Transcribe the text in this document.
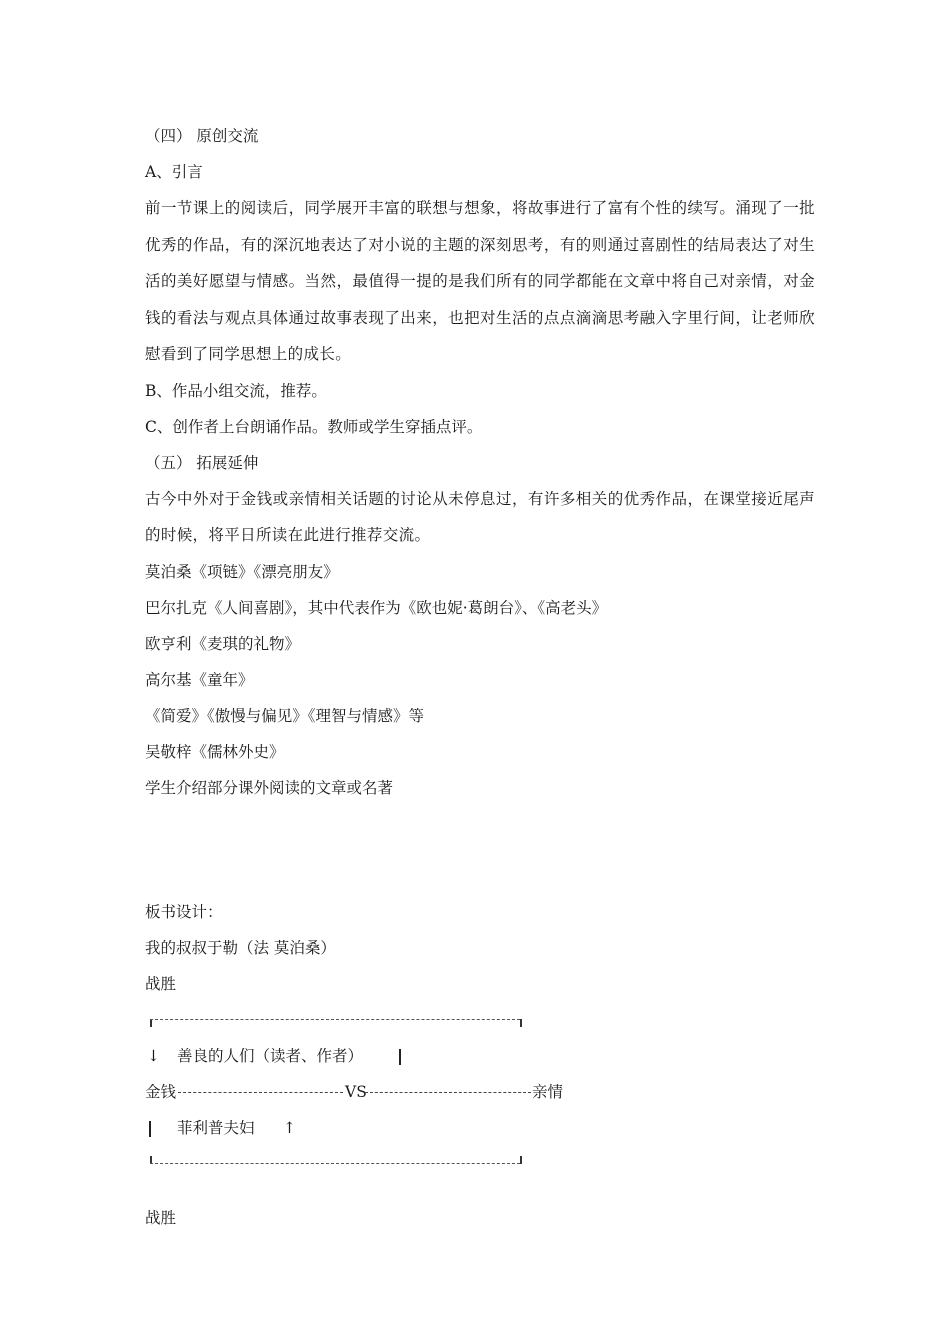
（四） 原创交流

A、引言

前一节课上的阅读后，同学展开丰富的联想与想象，将故事进行了富有个性的续写。涌现了一批优秀的作品，有的深沉地表达了对小说的主题的深刻思考，有的则通过喜剧性的结局表达了对生活的美好愿望与情感。当然，最值得一提的是我们所有的同学都能在文章中将自己对亲情，对金钱的看法与观点具体通过故事表现了出来，也把对生活的点点滴滴思考融入字里行间，让老师欣慰看到了同学思想上的成长。

B、作品小组交流，推荐。

C、创作者上台朗诵作品。教师或学生穿插点评。

（五） 拓展延伸

古今中外对于金钱或亲情相关话题的讨论从未停息过，有许多相关的优秀作品，在课堂接近尾声的时候，将平日所读在此进行推荐交流。

莫泊桑《项链》《漂亮朋友》

巴尔扎克《人间喜剧》，其中代表作为《欧也妮·葛朗台》、《高老头》

欧亨利《麦琪的礼物》

高尔基《童年》

《简爱》《傲慢与偏见》《理智与情感》等

吴敬梓《儒林外史》

学生介绍部分课外阅读的文章或名著

板书设计：

我的叔叔于勒（法 莫泊桑）

战胜

↓ 善良的人们（读者、作者）
金钱	VS	亲情
菲利普夫妇 ↑

战胜
